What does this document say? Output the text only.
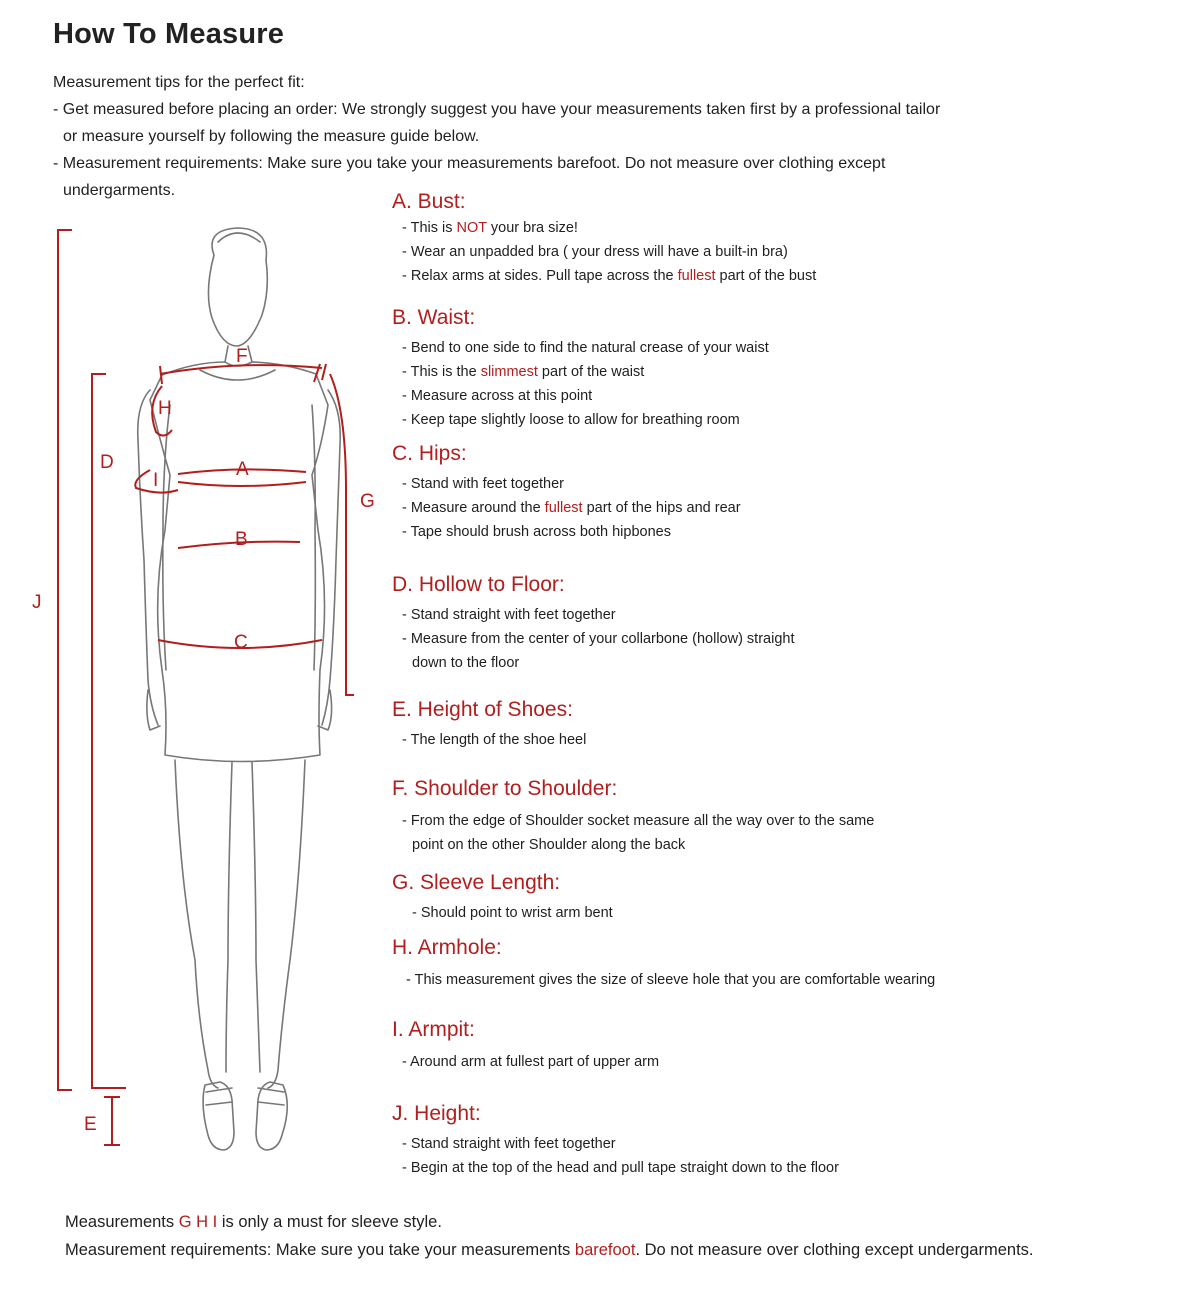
How To Measure
Measurement tips for the perfect fit:
- Get measured before placing an order: We strongly suggest you have your measurements taken first by a professional tailor
or measure yourself by following the measure guide below.
- Measurement requirements: Make sure you take your measurements barefoot. Do not measure over clothing except
undergarments.
F
H
D	A
I
G
B
J
C
E
A. Bust:
- This is NOT your bra size!
- Wear an unpadded bra ( your dress will have a built-in bra)
- Relax arms at sides. Pull tape across the fullest part of the bust
B. Waist:
- Bend to one side to find the natural crease of your waist
- This is the slimmest part of the waist
- Measure across at this point
- Keep tape slightly loose to allow for breathing room
C. Hips:
- Stand with feet together
- Measure around the fullest part of the hips and rear
- Tape should brush across both hipbones
D. Hollow to Floor:
- Stand straight with feet together
- Measure from the center of your collarbone (hollow) straight
down to the floor
E. Height of Shoes:
- The length of the shoe heel
F. Shoulder to Shoulder:
- From the edge of Shoulder socket measure all the way over to the same
point on the other Shoulder along the back
G. Sleeve Length:
- Should point to wrist arm bent
H. Armhole:
- This measurement gives the size of sleeve hole that you are comfortable wearing
I. Armpit:
- Around arm at fullest part of upper arm
J. Height:
- Stand straight with feet together
- Begin at the top of the head and pull tape straight down to the floor
Measurements G H I is only a must for sleeve style.
Measurement requirements: Make sure you take your measurements barefoot. Do not measure over clothing except undergarments.
